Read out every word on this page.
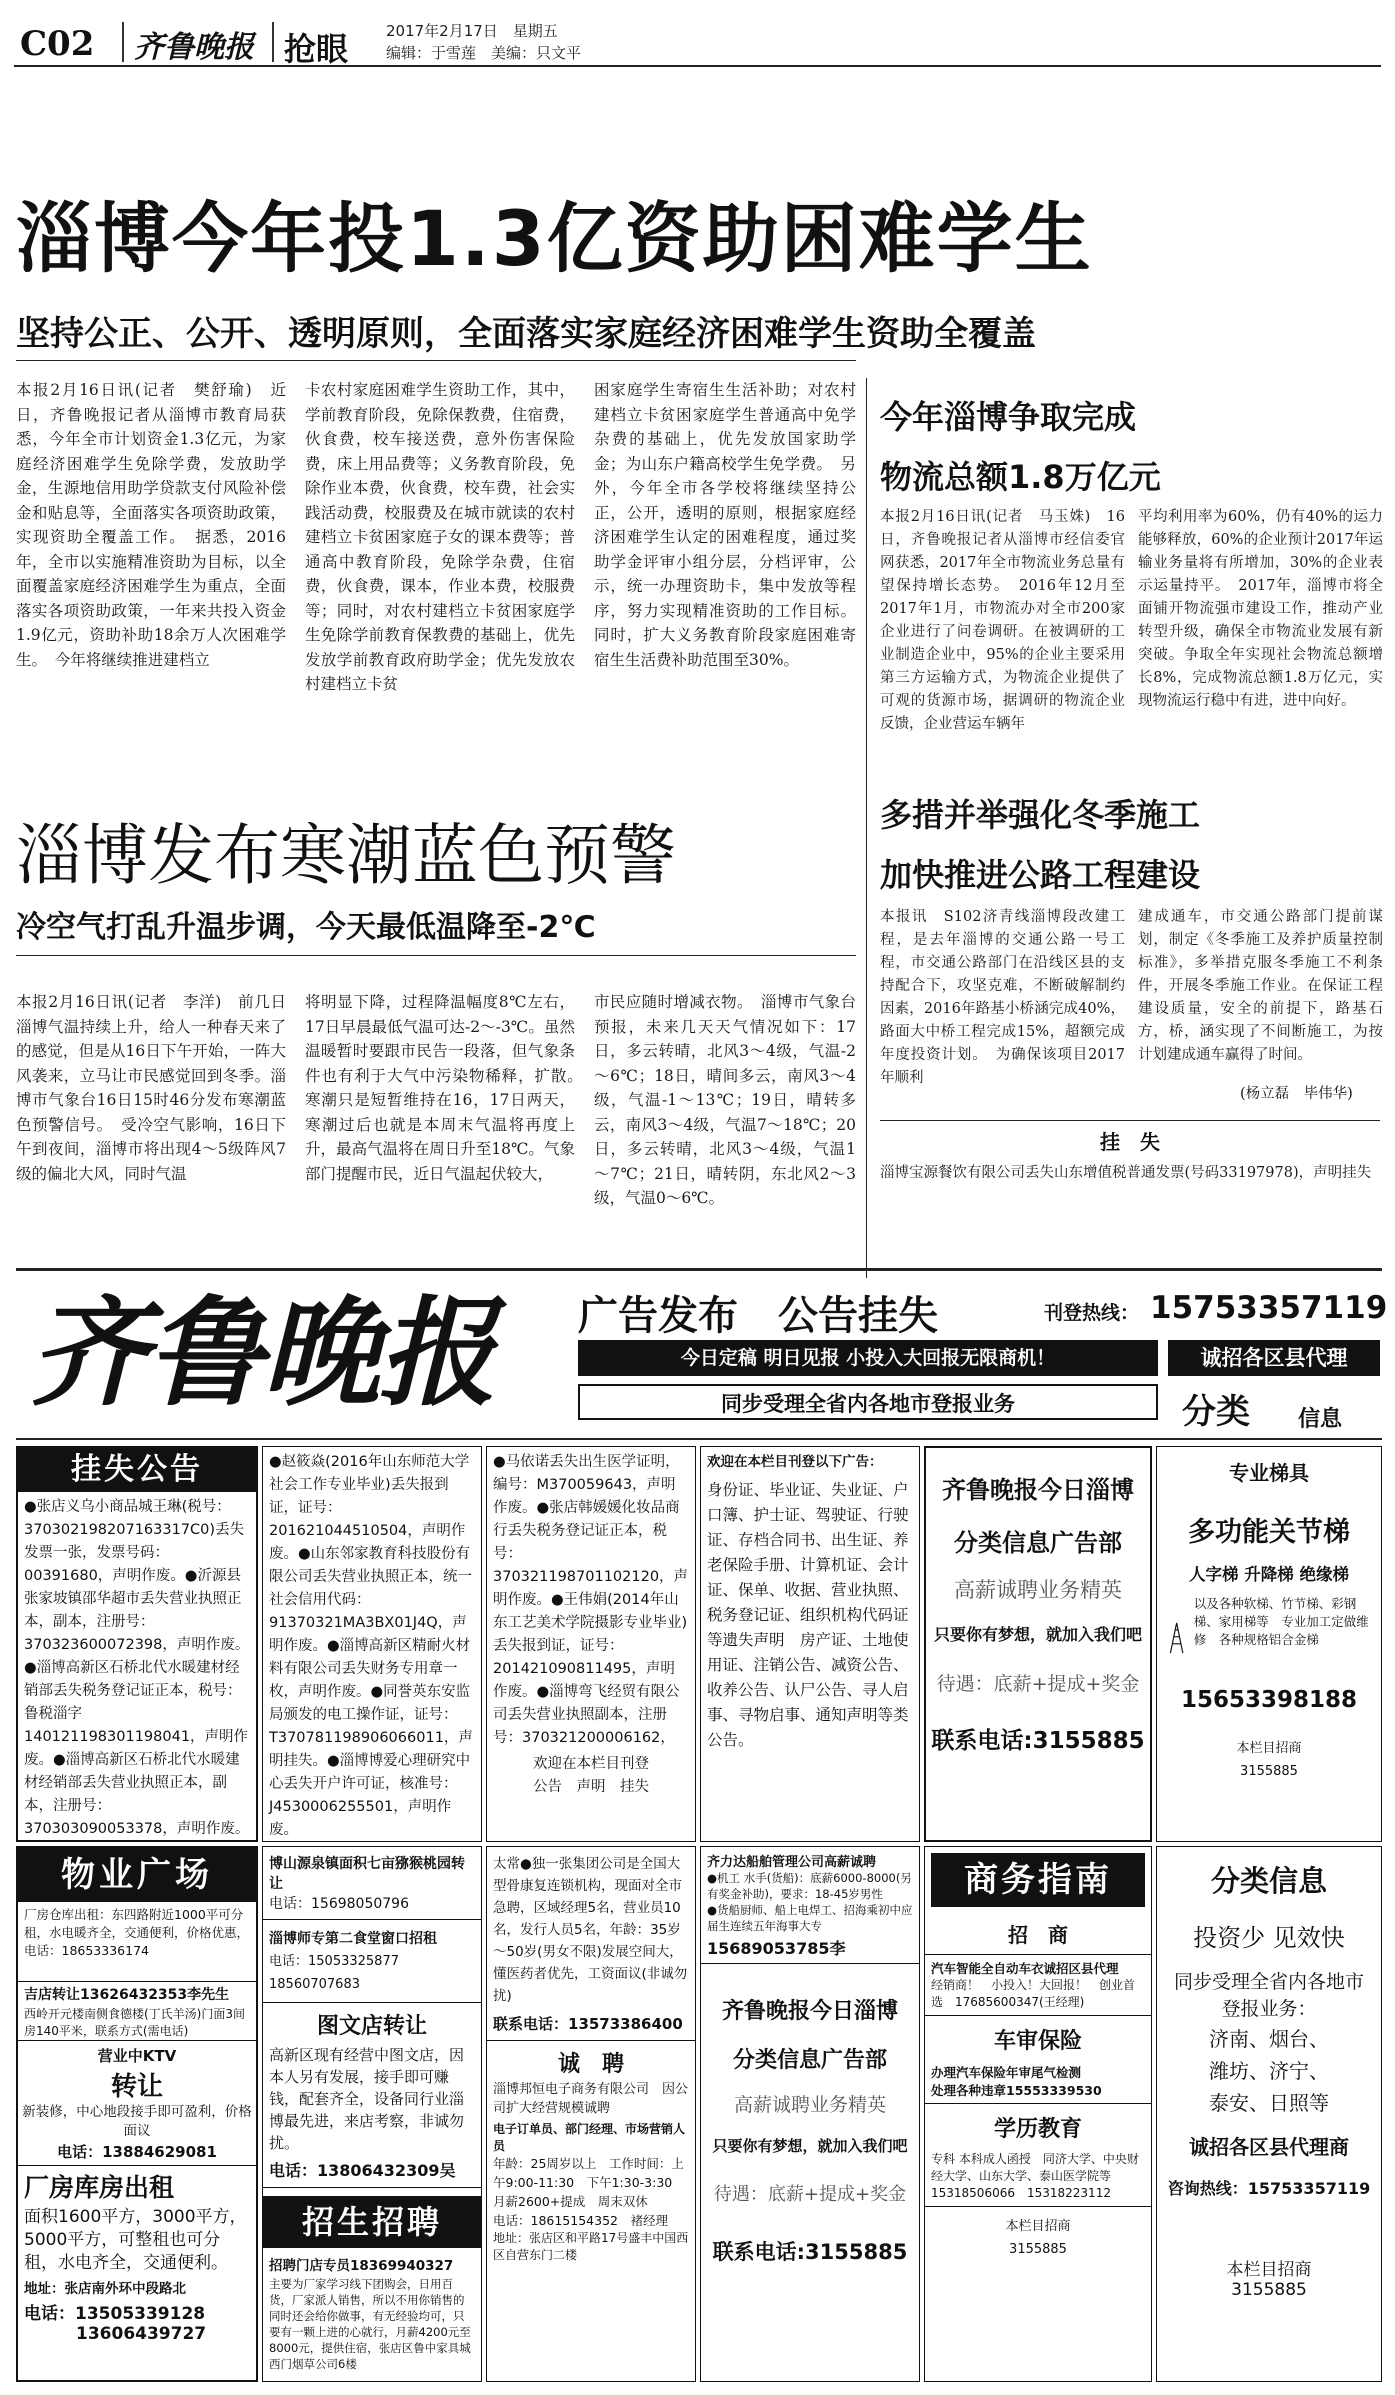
C02 齐鲁晚报 抢眼	2017年2月17日　星期五
编辑：于雪莲　美编：只文平
淄博今年投1.3亿资助困难学生
坚持公正、公开、透明原则，全面落实家庭经济困难学生资助全覆盖
本报2月16日讯(记者　樊舒瑜)　近日，齐鲁晚报记者从淄博市教育局获悉，今年全市计划资金1.3亿元，为家庭经济困难学生免除学费，发放助学金，生源地信用助学贷款支付风险补偿金和贴息等，全面落实各项资助政策，实现资助全覆盖工作。　据悉，2016年，全市以实施精准资助为目标，以全面覆盖家庭经济困难学生为重点，全面落实各项资助政策，一年来共投入资金1.9亿元，资助补助18余万人次困难学生。　今年将继续推进建档立
卡农村家庭困难学生资助工作，其中，学前教育阶段，免除保教费，住宿费，伙食费，校车接送费，意外伤害保险费，床上用品费等；义务教育阶段，免除作业本费，伙食费，校车费，社会实践活动费，校服费及在城市就读的农村建档立卡贫困家庭子女的课本费等；普通高中教育阶段，免除学杂费，住宿费，伙食费，课本，作业本费，校服费等；同时，对农村建档立卡贫困家庭学生免除学前教育保教费的基础上，优先发放学前教育政府助学金；优先发放农村建档立卡贫
困家庭学生寄宿生生活补助；对农村建档立卡贫困家庭学生普通高中免学杂费的基础上，优先发放国家助学金；为山东户籍高校学生免学费。　另外，今年全市各学校将继续坚持公正，公开，透明的原则，根据家庭经济困难学生认定的困难程度，通过奖助学金评审小组分层，分档评审，公示，统一办理资助卡，集中发放等程序，努力实现精准资助的工作目标。同时，扩大义务教育阶段家庭困难寄宿生生活费补助范围至30%。
淄博发布寒潮蓝色预警
冷空气打乱升温步调，今天最低温降至-2℃
本报2月16日讯(记者　李洋)　前几日淄博气温持续上升，给人一种春天来了的感觉，但是从16日下午开始，一阵大风袭来，立马让市民感觉回到冬季。淄博市气象台16日15时46分发布寒潮蓝色预警信号。　受冷空气影响，16日下午到夜间，淄博市将出现4～5级阵风7级的偏北大风，同时气温
将明显下降，过程降温幅度8℃左右，17日早晨最低气温可达-2～-3℃。虽然温暖暂时要跟市民告一段落，但气象条件也有利于大气中污染物稀释，扩散。　寒潮只是短暂维持在16，17日两天，寒潮过后也就是本周末气温将再度上升，最高气温将在周日升至18℃。气象部门提醒市民，近日气温起伏较大，
市民应随时增减衣物。　淄博市气象台预报，未来几天天气情况如下：17日，多云转晴，北风3～4级，气温-2～6℃；18日，晴间多云，南风3～4级，气温-1～13℃；19日，晴转多云，南风3～4级，气温7～18℃；20日，多云转晴，北风3～4级，气温1～7℃；21日，晴转阴，东北风2～3级，气温0～6℃。
今年淄博争取完成
物流总额1.8万亿元
本报2月16日讯(记者　马玉姝)　16日，齐鲁晚报记者从淄博市经信委官网获悉，2017年全市物流业务总量有望保持增长态势。　2016年12月至2017年1月，市物流办对全市200家企业进行了问卷调研。在被调研的工业制造企业中，95%的企业主要采用第三方运输方式，为物流企业提供了可观的货源市场，据调研的物流企业反馈，企业营运车辆年
平均利用率为60%，仍有40%的运力能够释放，60%的企业预计2017年运输业务量将有所增加，30%的企业表示运量持平。　2017年，淄博市将全面铺开物流强市建设工作，推动产业转型升级，确保全市物流业发展有新突破。争取全年实现社会物流总额增长8%，完成物流总额1.8万亿元，实现物流运行稳中有进，进中向好。
多措并举强化冬季施工
加快推进公路工程建设
本报讯　S102济青线淄博段改建工程，是去年淄博的交通公路一号工程，市交通公路部门在沿线区县的支持配合下，攻坚克难，不断破解制约因素，2016年路基小桥涵完成40%，路面大中桥工程完成15%，超额完成年度投资计划。　为确保该项目2017年顺利
建成通车，市交通公路部门提前谋划，制定《冬季施工及养护质量控制标准》，多举措克服冬季施工不利条件，开展冬季施工作业。在保证工程建设质量，安全的前提下，路基石方，桥，涵实现了不间断施工，为按计划建成通车赢得了时间。
(杨立磊　毕伟华)
挂　失
淄博宝源餐饮有限公司丢失山东增值税普通发票(号码33197978)，声明挂失
齐鲁晚报 广告发布　公告挂失	刊登热线： 15753357119
今日定稿 明日见报 小投入大回报无限商机！
同步受理全省内各地市登报业务
诚招各区县代理
分类 信息
挂失公告
●张店义乌小商品城王琳(税号：370302198207163317C0)丢失发票一张，发票号码：00391680，声明作废。●沂源县张家坡镇邵华超市丢失营业执照正本，副本，注册号：370323600072398，声明作废。●淄博高新区石桥北代水暖建材经销部丢失税务登记证正本，税号：鲁税淄字140121198301198041，声明作废。●淄博高新区石桥北代水暖建材经销部丢失营业执照正本，副本，注册号：370303090053378，声明作废。
●赵筱焱(2016年山东师范大学社会工作专业毕业)丢失报到证，证号：201621044510504，声明作废。●山东邻家教育科技股份有限公司丢失营业执照正本，统一社会信用代码：91370321MA3BX01J4Q，声明作废。●淄博高新区精耐火材料有限公司丢失财务专用章一枚，声明作废。●同誉英东安监局颁发的电工操作证，证号：T370781198906066011，声明挂失。●淄博博爱心理研究中心丢失开户许可证，核准号：J4530006255501，声明作废。
●马依诺丢失出生医学证明，编号：M370059643，声明作废。●张店韩媛媛化妆品商行丢失税务登记证正本，税号：370321198701102120，声明作废。●王伟娟(2014年山东工艺美术学院摄影专业毕业)丢失报到证，证号：201421090811495，声明作废。●淄博弯飞经贸有限公司丢失营业执照副本，注册号：370321200006162，
欢迎在本栏目刊登
公告　声明　挂失
欢迎在本栏目刊登以下广告：
身份证、毕业证、失业证、户口簿、护士证、驾驶证、行驶证、存档合同书、出生证、养老保险手册、计算机证、会计证、保单、收据、营业执照、税务登记证、组织机构代码证等遗失声明　房产证、土地使用证、注销公告、减资公告、收养公告、认尸公告、寻人启事、寻物启事、通知声明等类公告。
齐鲁晚报今日淄博
分类信息广告部
高薪诚聘业务精英
只要你有梦想，就加入我们吧
待遇：底薪+提成+奖金
联系电话:3155885
专业梯具
多功能关节梯
人字梯 升降梯 绝缘梯
以及各种软梯、竹节梯、彩钢梯、家用梯等　专业加工定做维修　各种规格铝合金梯
15653398188
本栏目招商
3155885
物业广场
厂房仓库出租：东四路附近1000平可分租，水电暖齐全，交通便利，价格优惠，电话：18653336174
吉店转让13626432353李先生
西岭开元楼南侧食德楼(丁氏羊汤)门面3间房140平米，联系方式(需电话)
营业中KTV
转让
新装修，中心地段接手即可盈利，价格面议
电话：13884629081
厂房库房出租
面积1600平方，3000平方，5000平方，可整租也可分租，水电齐全，交通便利。
地址：张店南外环中段路北
电话：13505339128
13606439727
博山源泉镇面积七亩猕猴桃园转让
电话：15698050796
淄博师专第二食堂窗口招租
电话：15053325877　18560707683
图文店转让
高新区现有经营中图文店，因本人另有发展，接手即可赚钱，配套齐全，设备同行业淄博最先进，来店考察，非诚勿扰。
电话：13806432309吴
招生招聘
招聘门店专员18369940327
主要为厂家学习线下团购会，日用百货，厂家派人销售，所以不用你销售的同时还会给你做事，有无经验均可，只要有一颗上进的心就行，月薪4200元至8000元，提供住宿，张店区鲁中家具城西门烟草公司6楼
太常●独一张集团公司是全国大型骨康复连锁机构，现面对全市急聘，区域经理5名，营业员10名，发行人员5名，年龄：35岁～50岁(男女不限)发展空间大，懂医药者优先，工资面议(非诚勿扰)
联系电话：13573386400
诚　聘
淄博邦恒电子商务有限公司　因公司扩大经营规模诚聘
电子订单员、部门经理、市场营销人员
年龄：25周岁以上　工作时间：上午9:00-11:30　下午1:30-3:30　月薪2600+提成　周末双休
电话：18615154352　褚经理
地址：张店区和平路17号盛丰中国西区自营东门二楼
齐力达船舶管理公司高薪诚聘
●机工 水手(货船)：底薪6000-8000(另有奖金补助)，要求：18-45岁男性
●货船厨师、船上电焊工、招海乘初中应届生连续五年海事大专
15689053785李
齐鲁晚报今日淄博
分类信息广告部
高薪诚聘业务精英
只要你有梦想，就加入我们吧
待遇：底薪+提成+奖金
联系电话:3155885
商务指南
招　商
汽车智能全自动车衣诚招区县代理
经销商！　小投入！大回报！　创业首选　17685600347(王经理)
车审保险
办理汽车保险年审尾气检测
处理各种违章15553339530
学历教育
专科 本科成人函授　同济大学、中央财经大学、山东大学、泰山医学院等　15318506066　15318223112
本栏目招商
3155885
分类信息
投资少 见效快
同步受理全省内各地市登报业务：
济南、烟台、
潍坊、济宁、
泰安、日照等
诚招各区县代理商
咨询热线：15753357119
本栏目招商
3155885
